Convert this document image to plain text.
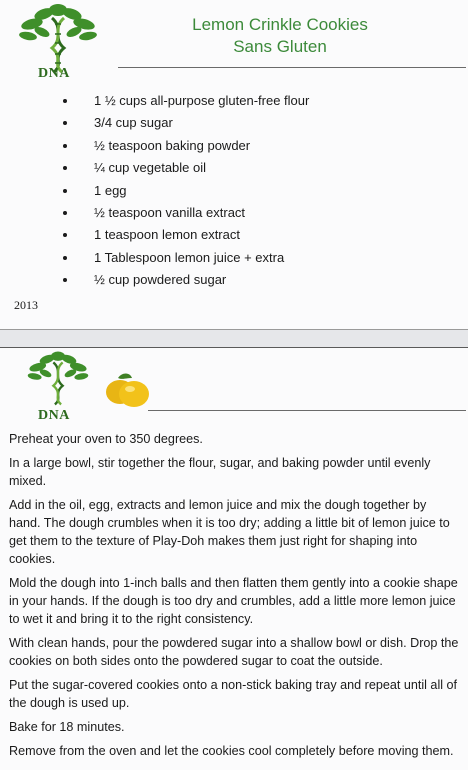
DNA
Lemon Crinkle Cookies
Sans Gluten
• 1 ½ cups all-purpose gluten-free flour
• 3/4 cup sugar
• ½ teaspoon baking powder
• ¼ cup vegetable oil
• 1 egg
• ½ teaspoon vanilla extract
• 1 teaspoon lemon extract
• 1 Tablespoon lemon juice + extra
• ½ cup powdered sugar
2013
DNA

Preheat your oven to 350 degrees.

In a large bowl, stir together the flour, sugar, and baking powder until evenly mixed.

Add in the oil, egg, extracts and lemon juice and mix the dough together by hand. The dough crumbles when it is too dry; adding a little bit of lemon juice to get them to the texture of Play-Doh makes them just right for shaping into cookies.

Mold the dough into 1-inch balls and then flatten them gently into a cookie shape in your hands. If the dough is too dry and crumbles, add a little more lemon juice to wet it and bring it to the right consistency.

With clean hands, pour the powdered sugar into a shallow bowl or dish. Drop the cookies on both sides onto the powdered sugar to coat the outside.

Put the sugar-covered cookies onto a non-stick baking tray and repeat until all of the dough is used up.

Bake for 18 minutes.

Remove from the oven and let the cookies cool completely before moving them.
